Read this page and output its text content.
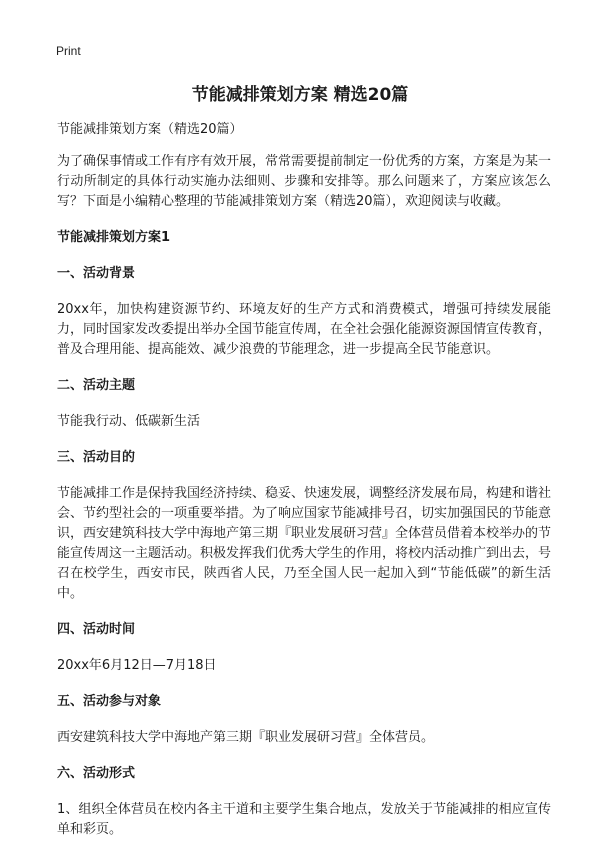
Print
节能减排策划方案 精选20篇

节能减排策划方案（精选20篇）

为了确保事情或工作有序有效开展，常常需要提前制定一份优秀的方案，方案是为某一行动所制定的具体行动实施办法细则、步骤和安排等。那么问题来了，方案应该怎么写？下面是小编精心整理的节能减排策划方案（精选20篇），欢迎阅读与收藏。

节能减排策划方案1

一、活动背景

20xx年，加快构建资源节约、环境友好的生产方式和消费模式，增强可持续发展能力，同时国家发改委提出举办全国节能宣传周，在全社会强化能源资源国情宣传教育，普及合理用能、提高能效、减少浪费的节能理念，进一步提高全民节能意识。

二、活动主题

节能我行动、低碳新生活

三、活动目的

节能减排工作是保持我国经济持续、稳妥、快速发展，调整经济发展布局，构建和谐社会、节约型社会的一项重要举措。为了响应国家节能减排号召，切实加强国民的节能意识，西安建筑科技大学中海地产第三期『职业发展研习营』全体营员借着本校举办的节能宣传周这一主题活动。积极发挥我们优秀大学生的作用，将校内活动推广到出去，号召在校学生，西安市民，陕西省人民，乃至全国人民一起加入到“节能低碳”的新生活中。

四、活动时间

20xx年6月12日—7月18日

五、活动参与对象

西安建筑科技大学中海地产第三期『职业发展研习营』全体营员。

六、活动形式

1、组织全体营员在校内各主干道和主要学生集合地点，发放关于节能减排的相应宣传单和彩页。
